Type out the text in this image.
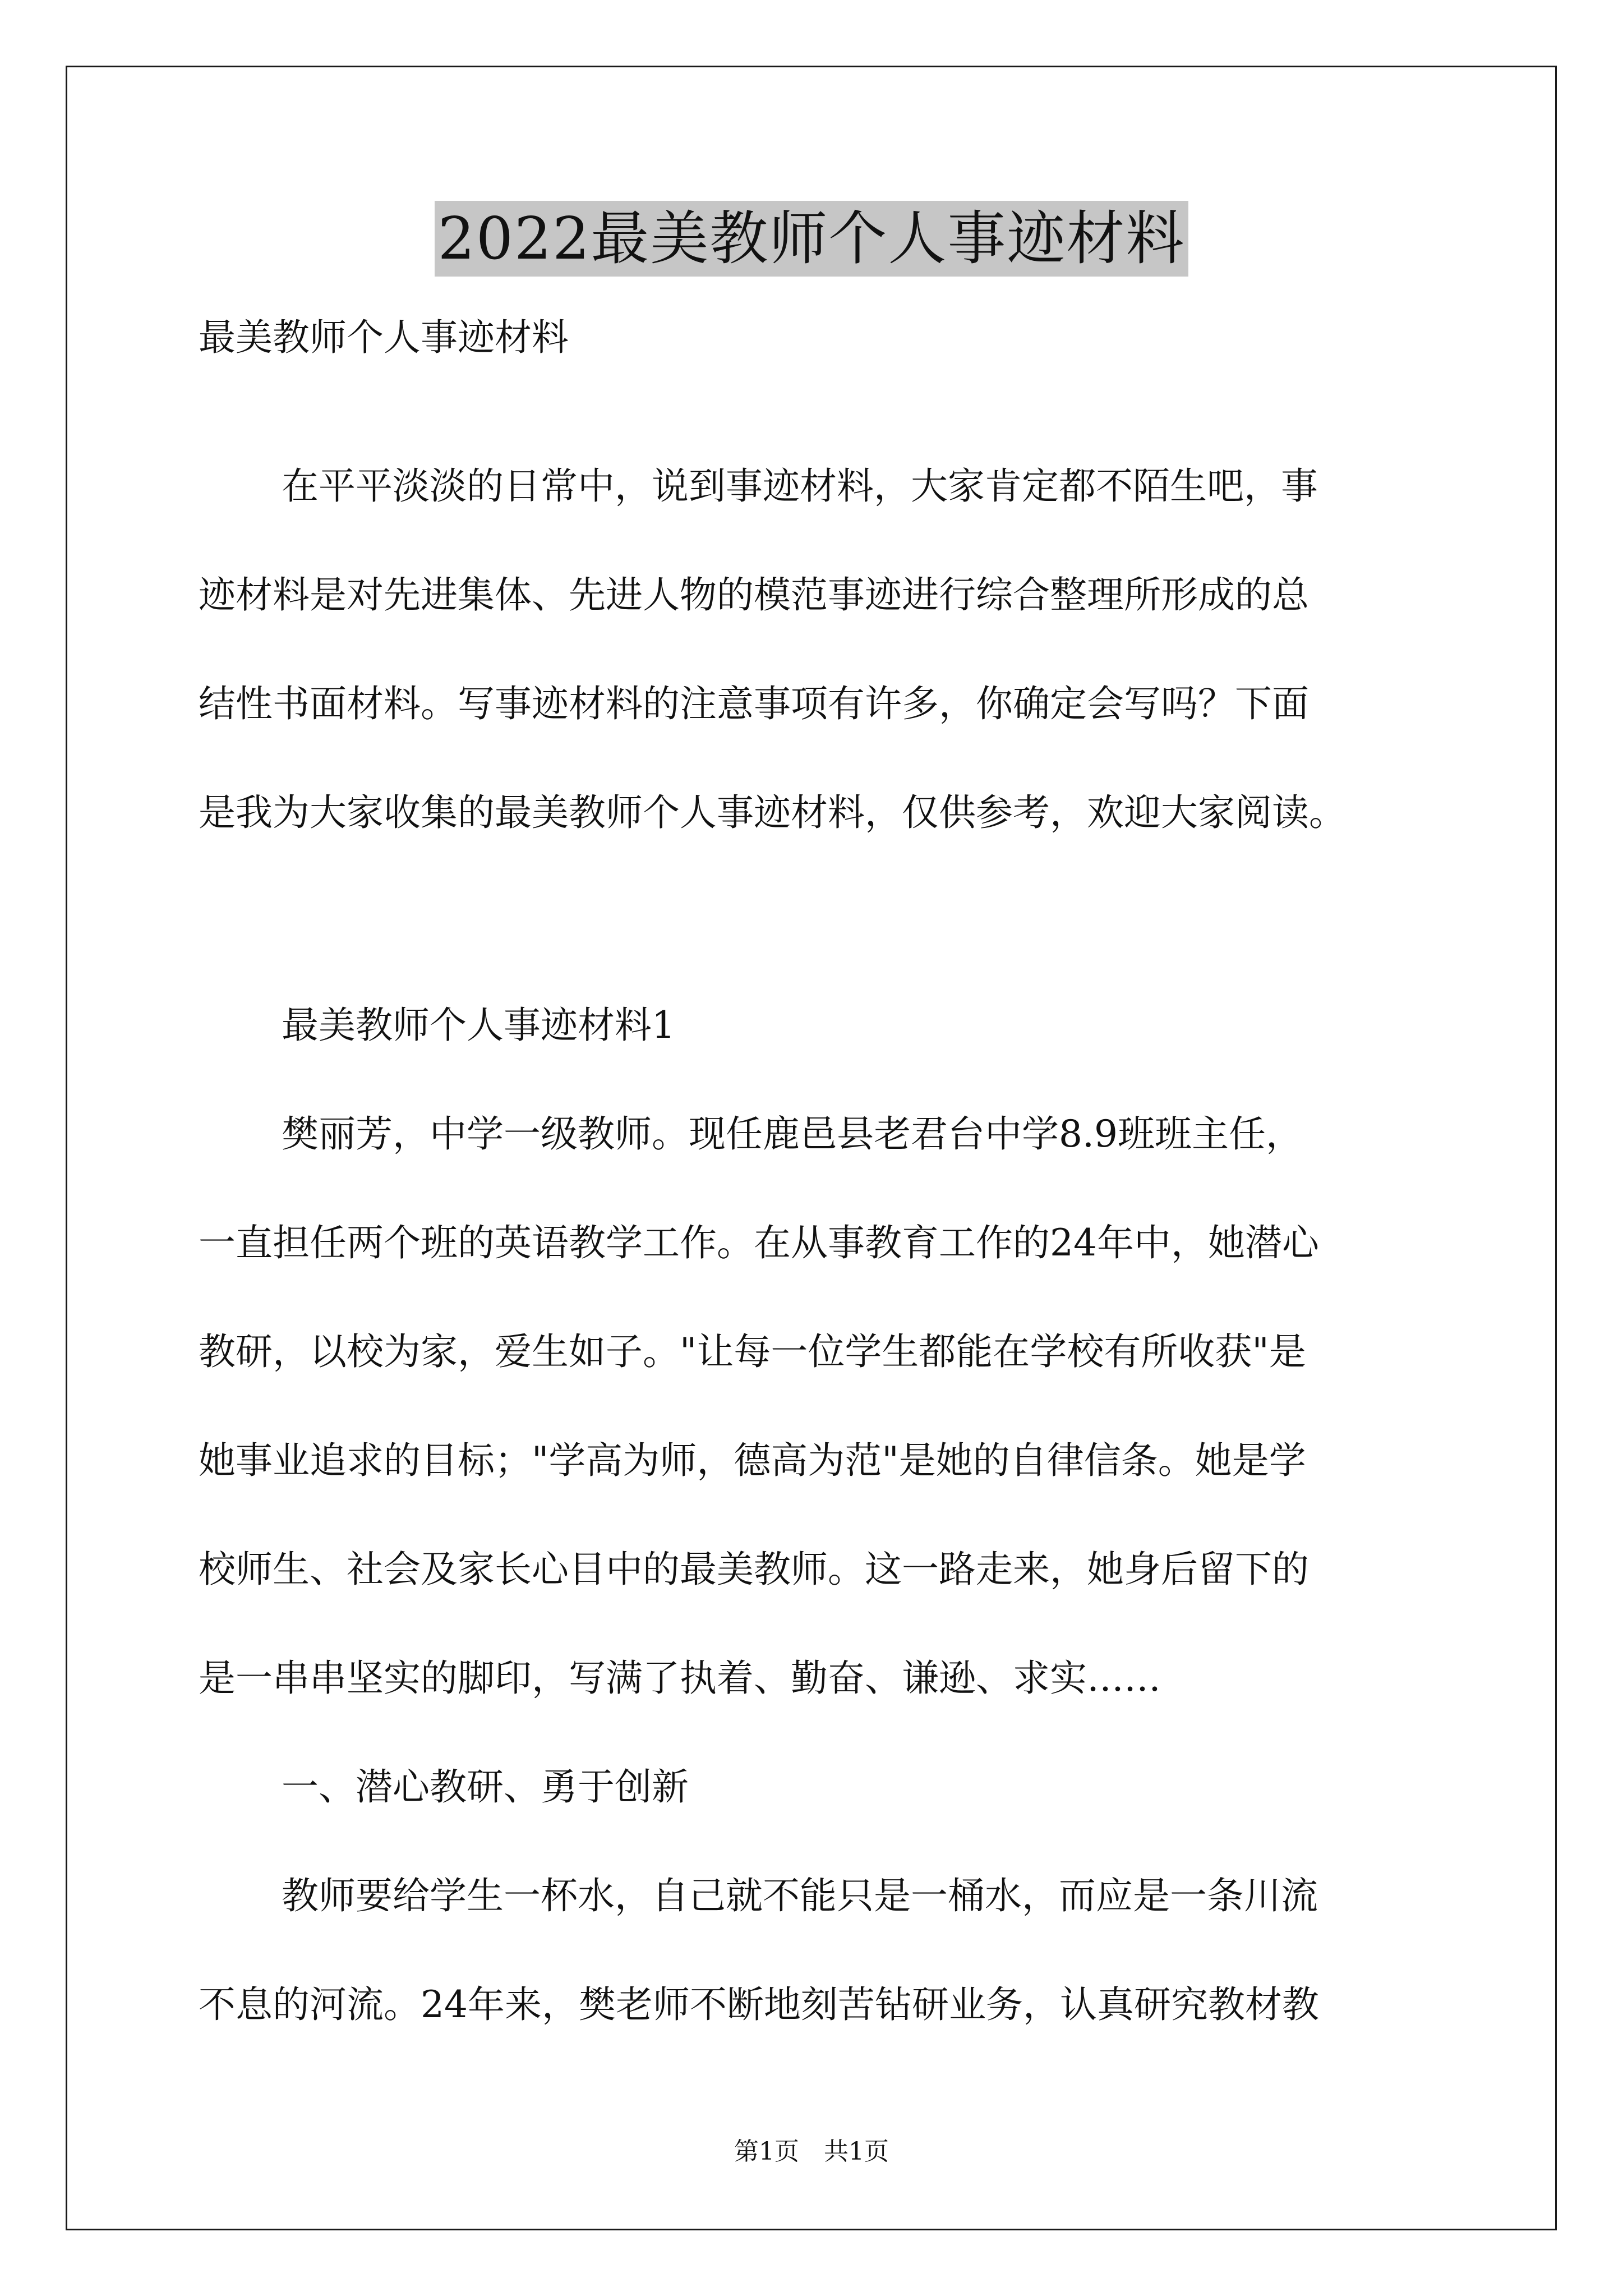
2022最美教师个人事迹材料
最美教师个人事迹材料
在平平淡淡的日常中，说到事迹材料，大家肯定都不陌生吧，事
迹材料是对先进集体、先进人物的模范事迹进行综合整理所形成的总
结性书面材料。写事迹材料的注意事项有许多，你确定会写吗？下面
是我为大家收集的最美教师个人事迹材料，仅供参考，欢迎大家阅读。
最美教师个人事迹材料1
樊丽芳，中学一级教师。现任鹿邑县老君台中学8.9班班主任，
一直担任两个班的英语教学工作。在从事教育工作的24年中，她潜心
教研，以校为家，爱生如子。"让每一位学生都能在学校有所收获"是
她事业追求的目标；"学高为师，德高为范"是她的自律信条。她是学
校师生、社会及家长心目中的最美教师。这一路走来，她身后留下的
是一串串坚实的脚印，写满了执着、勤奋、谦逊、求实……
一、潜心教研、勇于创新
教师要给学生一杯水，自己就不能只是一桶水，而应是一条川流
不息的河流。24年来，樊老师不断地刻苦钻研业务，认真研究教材教
第1页　共1页
